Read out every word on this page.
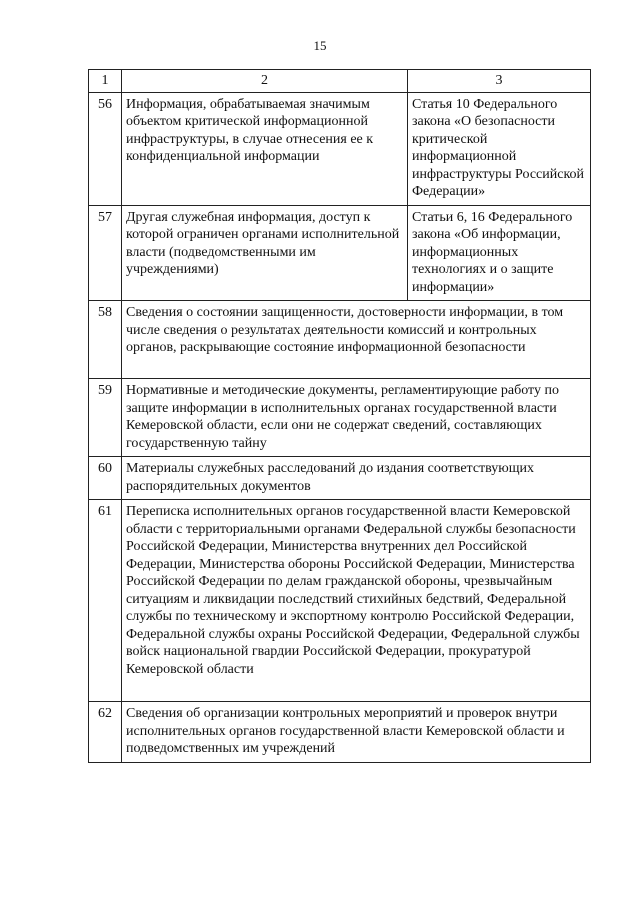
15
1	2	3
56	Информация, обрабатываемая значимым объектом критической информационной инфраструктуры, в случае отнесения ее к конфиденциальной информации	Статья 10 Федерального закона «О безопасности критической информационной инфраструктуры Российской Федерации»
57	Другая служебная информация, доступ к которой ограничен органами исполнительной власти (подведомственными им учреждениями)	Статьи 6, 16 Федерального закона «Об информации, информационных технологиях и о защите информации»
58	Сведения о состоянии защищенности, достоверности информации, в том числе сведения о результатах деятельности комиссий и контрольных органов, раскрывающие состояние информационной безопасности	
59	Нормативные и методические документы, регламентирующие работу по защите информации в исполнительных органах государственной власти Кемеровской области, если они не содержат сведений, составляющих государственную тайну	
60	Материалы служебных расследований до издания соответствующих распорядительных документов	
61	Переписка исполнительных органов государственной власти Кемеровской области с территориальными органами Федеральной службы безопасности Российской Федерации, Министерства внутренних дел Российской Федерации, Министерства обороны Российской Федерации, Министерства Российской Федерации по делам гражданской обороны, чрезвычайным ситуациям и ликвидации последствий стихийных бедствий, Федеральной службы по техническому и экспортному контролю Российской Федерации, Федеральной службы охраны Российской Федерации, Федеральной службы войск национальной гвардии Российской Федерации, прокуратурой Кемеровской области	
62	Сведения об организации контрольных мероприятий и проверок внутри исполнительных органов государственной власти Кемеровской области и подведомственных им учреждений	
